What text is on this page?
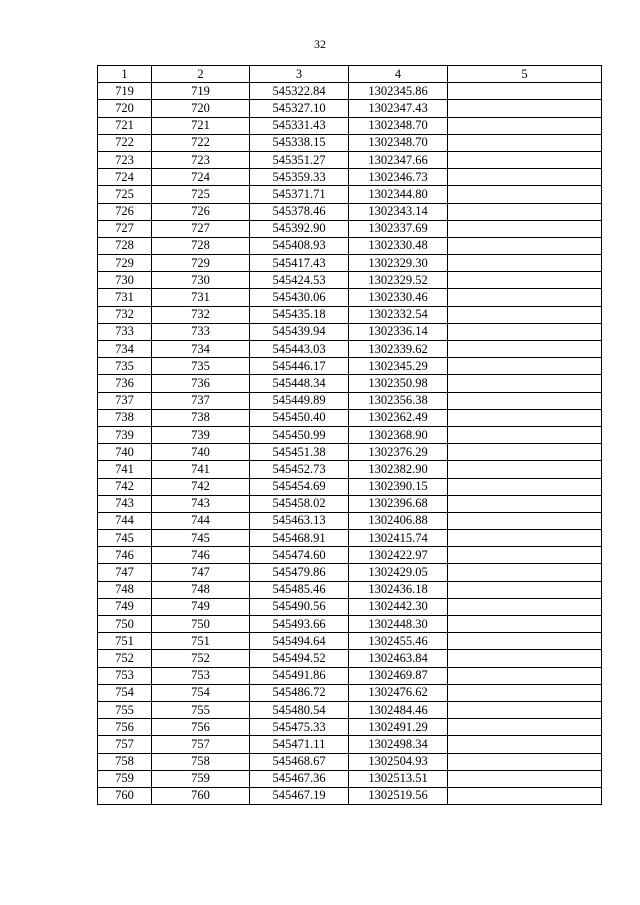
32
1	2	3	4	5
719	719	545322.84	1302345.86	
720	720	545327.10	1302347.43	
721	721	545331.43	1302348.70	
722	722	545338.15	1302348.70	
723	723	545351.27	1302347.66	
724	724	545359.33	1302346.73	
725	725	545371.71	1302344.80	
726	726	545378.46	1302343.14	
727	727	545392.90	1302337.69	
728	728	545408.93	1302330.48	
729	729	545417.43	1302329.30	
730	730	545424.53	1302329.52	
731	731	545430.06	1302330.46	
732	732	545435.18	1302332.54	
733	733	545439.94	1302336.14	
734	734	545443.03	1302339.62	
735	735	545446.17	1302345.29	
736	736	545448.34	1302350.98	
737	737	545449.89	1302356.38	
738	738	545450.40	1302362.49	
739	739	545450.99	1302368.90	
740	740	545451.38	1302376.29	
741	741	545452.73	1302382.90	
742	742	545454.69	1302390.15	
743	743	545458.02	1302396.68	
744	744	545463.13	1302406.88	
745	745	545468.91	1302415.74	
746	746	545474.60	1302422.97	
747	747	545479.86	1302429.05	
748	748	545485.46	1302436.18	
749	749	545490.56	1302442.30	
750	750	545493.66	1302448.30	
751	751	545494.64	1302455.46	
752	752	545494.52	1302463.84	
753	753	545491.86	1302469.87	
754	754	545486.72	1302476.62	
755	755	545480.54	1302484.46	
756	756	545475.33	1302491.29	
757	757	545471.11	1302498.34	
758	758	545468.67	1302504.93	
759	759	545467.36	1302513.51	
760	760	545467.19	1302519.56	
